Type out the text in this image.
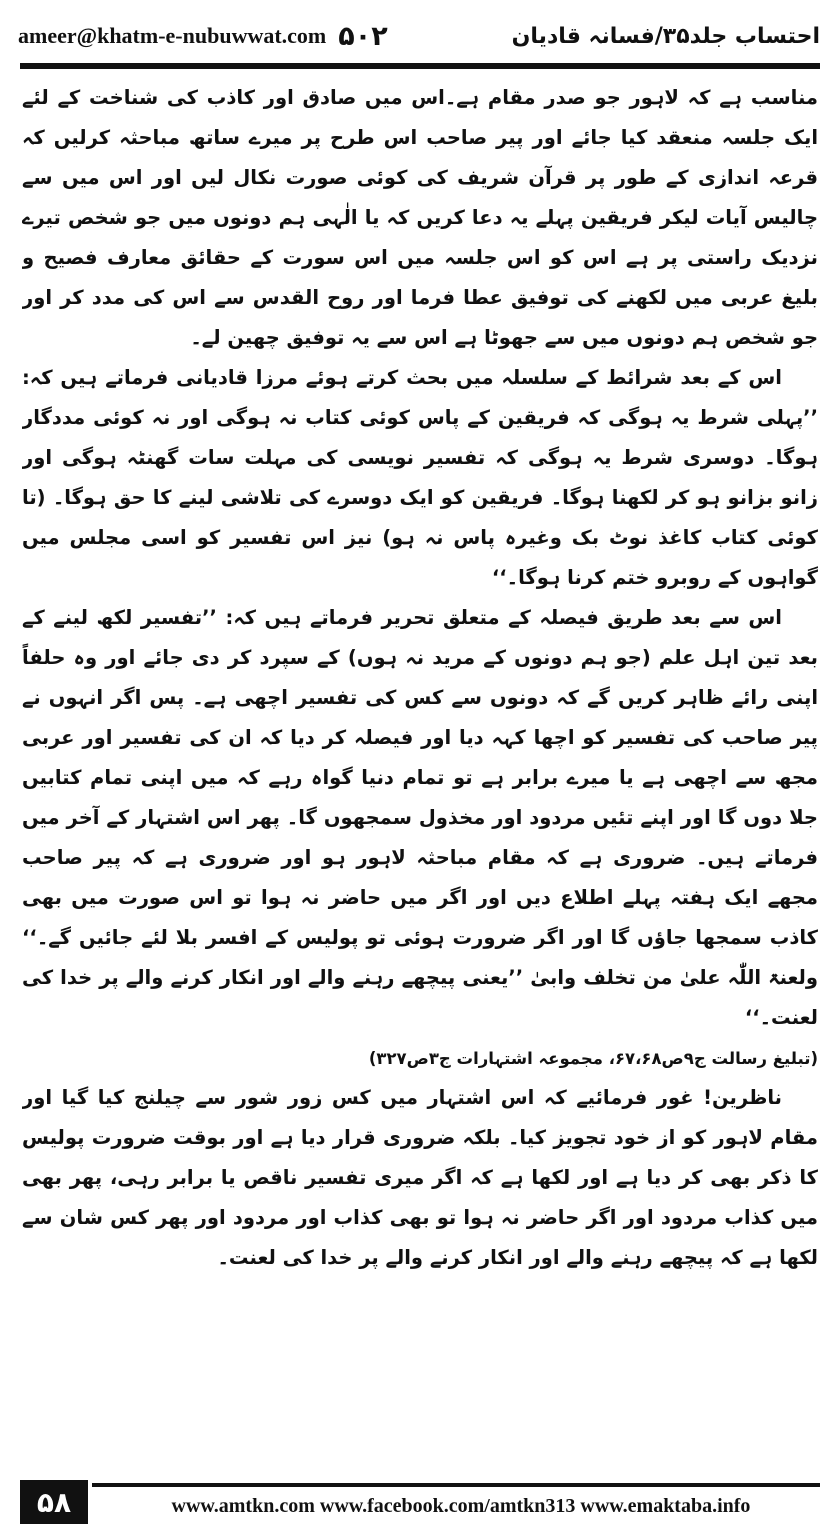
ameer@khatm-e-nubuwwat.com ۵۰۲	احتساب جلد۳۵/فسانہ قادیان

مناسب ہے کہ لاہور جو صدر مقام ہے۔اس میں صادق اور کاذب کی شناخت کے لئے ایک جلسہ منعقد کیا جائے اور پیر صاحب اس طرح پر میرے ساتھ مباحثہ کرلیں کہ قرعہ اندازی کے طور پر قرآن شریف کی کوئی صورت نکال لیں اور اس میں سے چالیس آیات لیکر فریقین پہلے یہ دعا کریں کہ یا الٰہی ہم دونوں میں جو شخص تیرے نزدیک راستی پر ہے اس کو اس جلسہ میں اس سورت کے حقائق معارف فصیح و بلیغ عربی میں لکھنے کی توفیق عطا فرما اور روح القدس سے اس کی مدد کر اور جو شخص ہم دونوں میں سے جھوٹا ہے اس سے یہ توفیق چھین لے۔

اس کے بعد شرائط کے سلسلہ میں بحث کرتے ہوئے مرزا قادیانی فرماتے ہیں کہ: ’’پہلی شرط یہ ہوگی کہ فریقین کے پاس کوئی کتاب نہ ہوگی اور نہ کوئی مددگار ہوگا۔ دوسری شرط یہ ہوگی کہ تفسیر نویسی کی مہلت سات گھنٹہ ہوگی اور زانو بزانو ہو کر لکھنا ہوگا۔ فریقین کو ایک دوسرے کی تلاشی لینے کا حق ہوگا۔ (تا کوئی کتاب کاغذ نوٹ بک وغیرہ پاس نہ ہو) نیز اس تفسیر کو اسی مجلس میں گواہوں کے روبرو ختم کرنا ہوگا۔‘‘

اس سے بعد طریق فیصلہ کے متعلق تحریر فرماتے ہیں کہ: ’’تفسیر لکھ لینے کے بعد تین اہل علم (جو ہم دونوں کے مرید نہ ہوں) کے سپرد کر دی جائے اور وہ حلفاً اپنی رائے ظاہر کریں گے کہ دونوں سے کس کی تفسیر اچھی ہے۔ پس اگر انہوں نے پیر صاحب کی تفسیر کو اچھا کہہ دیا اور فیصلہ کر دیا کہ ان کی تفسیر اور عربی مجھ سے اچھی ہے یا میرے برابر ہے تو تمام دنیا گواہ رہے کہ میں اپنی تمام کتابیں جلا دوں گا اور اپنے تئیں مردود اور مخذول سمجھوں گا۔ پھر اس اشتہار کے آخر میں فرماتے ہیں۔ ضروری ہے کہ مقام مباحثہ لاہور ہو اور ضروری ہے کہ پیر صاحب مجھے ایک ہفتہ پہلے اطلاع دیں اور اگر میں حاضر نہ ہوا تو اس صورت میں بھی کاذب سمجھا جاؤں گا اور اگر ضرورت ہوئی تو پولیس کے افسر بلا لئے جائیں گے۔‘‘ ولعنۃ اللّٰہ علیٰ من تخلف وابیٰ ’’یعنی پیچھے رہنے والے اور انکار کرنے والے پر خدا کی لعنت۔‘‘

(تبلیغ رسالت ج۹ص۶۷،۶۸، مجموعہ اشتہارات ج۳ص۳۲۷)

ناظرین! غور فرمائیے کہ اس اشتہار میں کس زور شور سے چیلنج کیا گیا اور مقام لاہور کو از خود تجویز کیا۔ بلکہ ضروری قرار دیا ہے اور بوقت ضرورت پولیس کا ذکر بھی کر دیا ہے اور لکھا ہے کہ اگر میری تفسیر ناقص یا برابر رہی، پھر بھی میں کذاب مردود اور اگر حاضر نہ ہوا تو بھی کذاب اور مردود اور پھر کس شان سے لکھا ہے کہ پیچھے رہنے والے اور انکار کرنے والے پر خدا کی لعنت۔

۵۸	www.amtkn.com www.facebook.com/amtkn313 www.emaktaba.info
